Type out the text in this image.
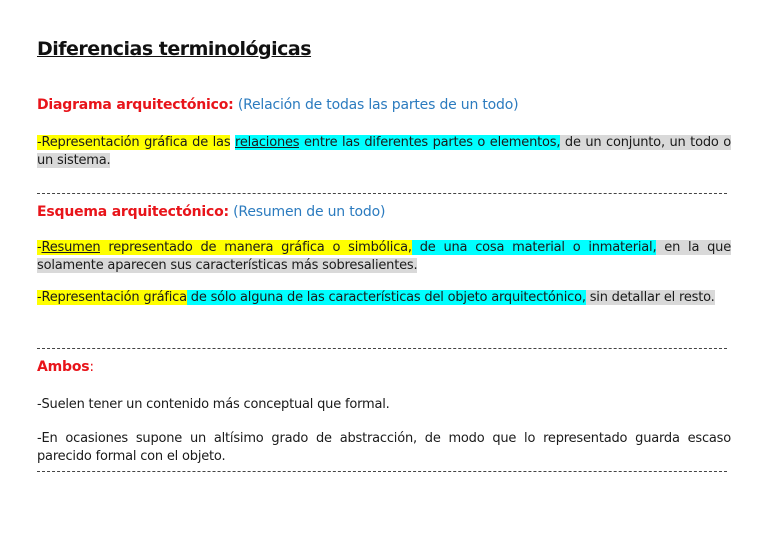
Diferencias terminológicas
Diagrama arquitectónico: (Relación de todas las partes de un todo)
-Representación gráfica de las relaciones entre las diferentes partes o elementos, de un conjunto, un todo o un sistema.
Esquema arquitectónico: (Resumen de un todo)
-Resumen representado de manera gráfica o simbólica, de una cosa material o inmaterial, en la que solamente aparecen sus características más sobresalientes.
-Representación gráfica de sólo alguna de las características del objeto arquitectónico, sin detallar el resto.
Ambos:
-Suelen tener un contenido más conceptual que formal.
-En ocasiones supone un altísimo grado de abstracción, de modo que lo representado guarda escaso parecido formal con el objeto.
